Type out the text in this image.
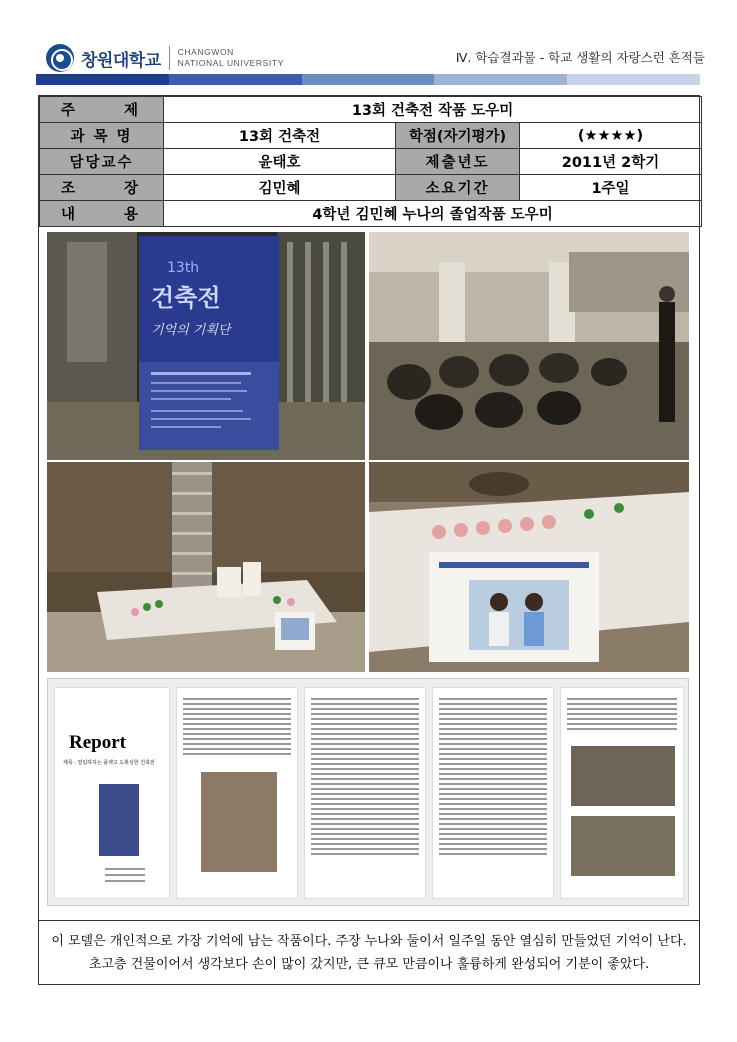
창원대학교 CHANGWON
NATIONAL UNIVERSITY	Ⅳ. 학습결과물 - 학교 생활의 자랑스런 흔적들
주 제	13회 건축전 작품 도우미		
과 목 명	13회 건축전	학점(자기평가)	(★★★★)
담당교수	윤태호	제출년도	2011년 2학기
조 장	김민혜	소요기간	1주일
내 용	4학년 김민혜 누나의 졸업작품 도우미		
13th
건축전
기억의 기획단
Report
제목 : 열림하하는 플랫고 도봉상한 건축전
이 모델은 개인적으로 가장 기억에 남는 작품이다. 주장 누나와 둘이서 일주일 동안 열심히 만들었던 기억이 난다.
초고층 건물이어서 생각보다 손이 많이 갔지만, 큰 큐모 만큼이나 훌륭하게 완성되어 기분이 좋았다.
